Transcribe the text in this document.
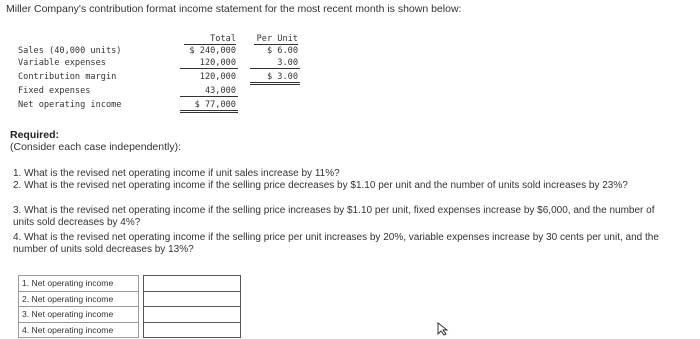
Miller Company's contribution format income statement for the most recent month is shown below:
Total	Per Unit
Sales (40,000 units)	$ 240,000	$ 6.00
Variable expenses	120,000	3.00
Contribution margin	120,000	$ 3.00
Fixed expenses	43,000
Net operating income	$ 77,000
Required:
(Consider each case independently):
1. What is the revised net operating income if unit sales increase by 11%?
2. What is the revised net operating income if the selling price decreases by $1.10 per unit and the number of units sold increases by 23%?
3. What is the revised net operating income if the selling price increases by $1.10 per unit, fixed expenses increase by $6,000, and the number of units sold decreases by 4%?
4. What is the revised net operating income if the selling price per unit increases by 20%, variable expenses increase by 30 cents per unit, and the number of units sold decreases by 13%?
1. Net operating income		
2. Net operating income		
3. Net operating income		
4. Net operating income		
